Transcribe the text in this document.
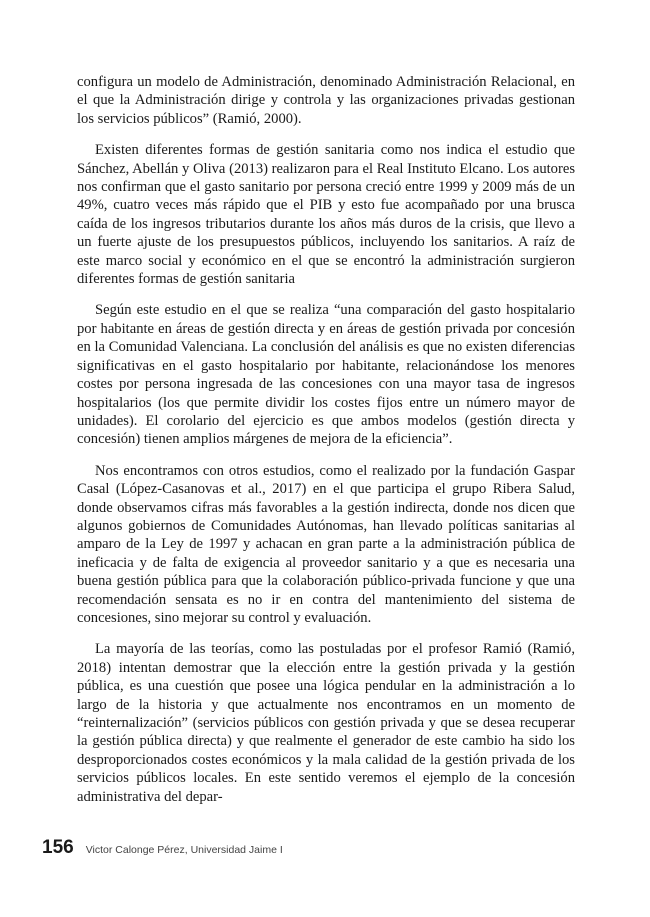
configura un modelo de Administración, denominado Administración Relacional, en el que la Administración dirige y controla y las organizaciones privadas gestionan los servicios públicos” (Ramió, 2000).

Existen diferentes formas de gestión sanitaria como nos indica el estudio que Sánchez, Abellán y Oliva (2013) realizaron para el Real Instituto Elcano. Los autores nos confirman que el gasto sanitario por persona creció entre 1999 y 2009 más de un 49%, cuatro veces más rápido que el PIB y esto fue acompañado por una brusca caída de los ingresos tributarios durante los años más duros de la crisis, que llevo a un fuerte ajuste de los presupuestos públicos, incluyendo los sanitarios. A raíz de este marco social y económico en el que se encontró la administración surgieron diferentes formas de gestión sanitaria

Según este estudio en el que se realiza “una comparación del gasto hospitalario por habitante en áreas de gestión directa y en áreas de gestión privada por concesión en la Comunidad Valenciana. La conclusión del análisis es que no existen diferencias significativas en el gasto hospitalario por habitante, relacionándose los menores costes por persona ingresada de las concesiones con una mayor tasa de ingresos hospitalarios (los que permite dividir los costes fijos entre un número mayor de unidades). El corolario del ejercicio es que ambos modelos (gestión directa y concesión) tienen amplios márgenes de mejora de la eficiencia”.

Nos encontramos con otros estudios, como el realizado por la fundación Gaspar Casal (López-Casanovas et al., 2017) en el que participa el grupo Ribera Salud, donde observamos cifras más favorables a la gestión indirecta, donde nos dicen que algunos gobiernos de Comunidades Autónomas, han llevado políticas sanitarias al amparo de la Ley de 1997 y achacan en gran parte a la administración pública de ineficacia y de falta de exigencia al proveedor sanitario y a que es necesaria una buena gestión pública para que la colaboración público-privada funcione y que una recomendación sensata es no ir en contra del mantenimiento del sistema de concesiones, sino mejorar su control y evaluación.

La mayoría de las teorías, como las postuladas por el profesor Ramió (Ramió, 2018) intentan demostrar que la elección entre la gestión privada y la gestión pública, es una cuestión que posee una lógica pendular en la administración a lo largo de la historia y que actualmente nos encontramos en un momento de “reinternalización” (servicios públicos con gestión privada y que se desea recuperar la gestión pública directa) y que realmente el generador de este cambio ha sido los desproporcionados costes económicos y la mala calidad de la gestión privada de los servicios públicos locales. En este sentido veremos el ejemplo de la concesión administrativa del depar-

156 Victor Calonge Pérez, Universidad Jaime I
